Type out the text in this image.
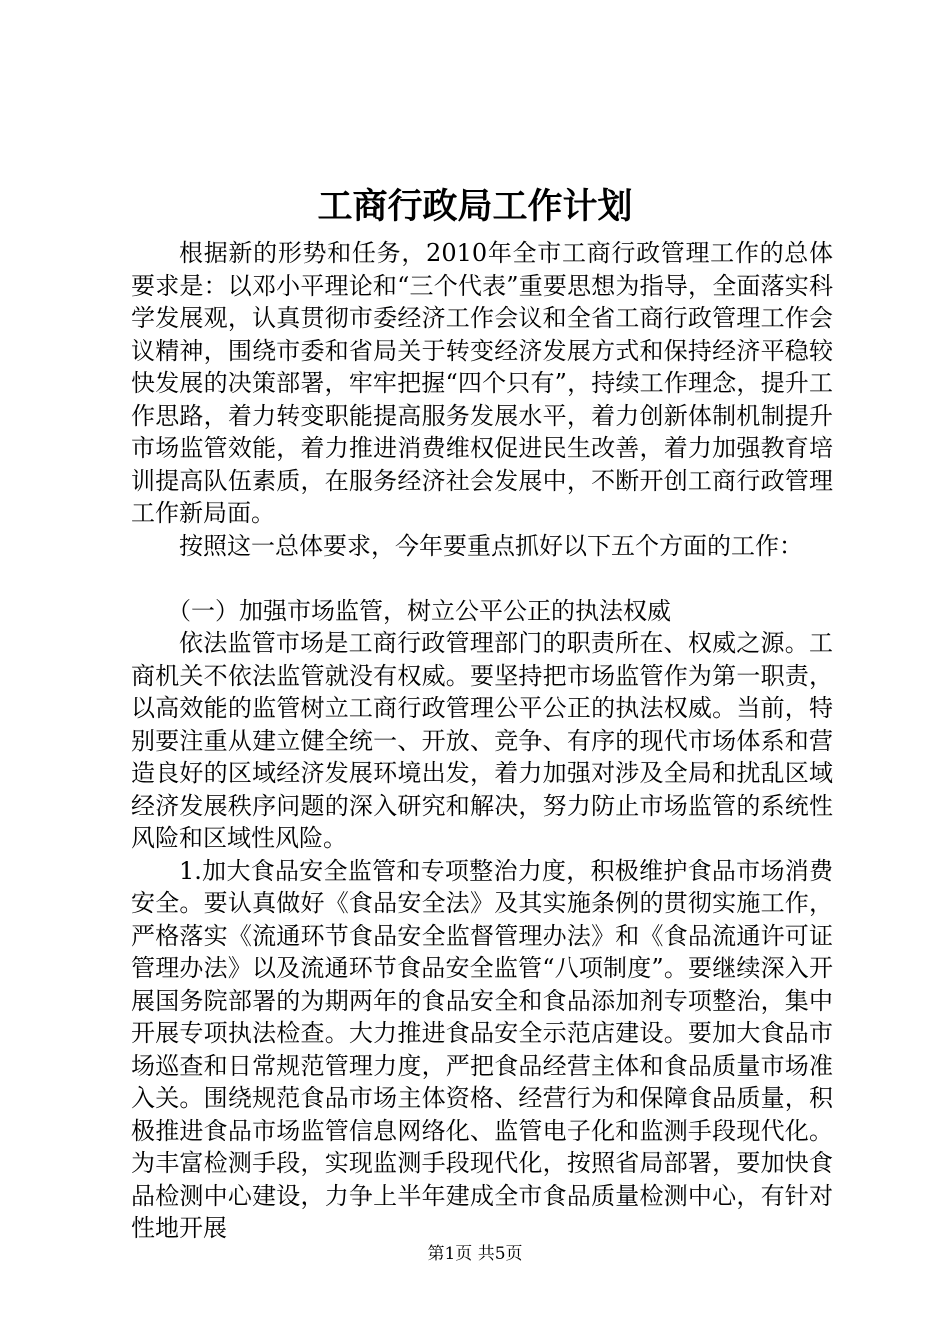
工商行政局工作计划

根据新的形势和任务，2010年全市工商行政管理工作的总体要求是：以邓小平理论和“三个代表”重要思想为指导，全面落实科学发展观，认真贯彻市委经济工作会议和全省工商行政管理工作会议精神，围绕市委和省局关于转变经济发展方式和保持经济平稳较快发展的决策部署，牢牢把握“四个只有”，持续工作理念，提升工作思路，着力转变职能提高服务发展水平，着力创新体制机制提升市场监管效能，着力推进消费维权促进民生改善，着力加强教育培训提高队伍素质，在服务经济社会发展中，不断开创工商行政管理工作新局面。

按照这一总体要求，今年要重点抓好以下五个方面的工作：

（一）加强市场监管，树立公平公正的执法权威

依法监管市场是工商行政管理部门的职责所在、权威之源。工商机关不依法监管就没有权威。要坚持把市场监管作为第一职责，以高效能的监管树立工商行政管理公平公正的执法权威。当前，特别要注重从建立健全统一、开放、竞争、有序的现代市场体系和营造良好的区域经济发展环境出发，着力加强对涉及全局和扰乱区域经济发展秩序问题的深入研究和解决，努力防止市场监管的系统性风险和区域性风险。

1.加大食品安全监管和专项整治力度，积极维护食品市场消费安全。要认真做好《食品安全法》及其实施条例的贯彻实施工作，严格落实《流通环节食品安全监督管理办法》和《食品流通许可证管理办法》以及流通环节食品安全监管“八项制度”。要继续深入开展国务院部署的为期两年的食品安全和食品添加剂专项整治，集中开展专项执法检查。大力推进食品安全示范店建设。要加大食品市场巡查和日常规范管理力度，严把食品经营主体和食品质量市场准入关。围绕规范食品市场主体资格、经营行为和保障食品质量，积极推进食品市场监管信息网络化、监管电子化和监测手段现代化。为丰富检测手段，实现监测手段现代化，按照省局部署，要加快食品检测中心建设，力争上半年建成全市食品质量检测中心，有针对性地开展

第1页 共5页
